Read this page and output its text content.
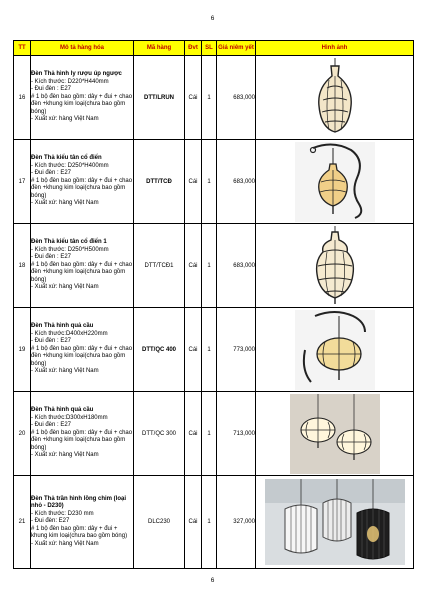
6
TT	Mô tả hàng hóa	Mã hàng	Đvt	SL	Giá niêm yết	Hình ảnh
16	Đèn Thả hình ly rượu úp ngược
- Kích thước: D220*H440mm
- Đui đèn : E27
# 1 bộ đèn bao gồm: dây + đui + chao đèn +khung kim loại(chưa bao gồm bóng)
- Xuất xứ: hàng Việt Nam	DTT/LRUN	Cái	1	683,000	

17	Đèn Thả kiểu tân cổ điển
- Kích thước: D250*H400mm
- Đui đèn : E27
# 1 bộ đèn bao gồm: dây + đui + chao đèn +khung kim loại(chưa bao gồm bóng)
- Xuất xứ: hàng Việt Nam	DTT/TCĐ	Cái	1	683,000	

18	Đèn Thả kiểu tân cổ điển 1
- Kích thước: D250*H500mm
- Đui đèn : E27
# 1 bộ đèn bao gồm: dây + đui + chao đèn +khung kim loại(chưa bao gồm bóng)
- Xuất xứ: hàng Việt Nam	DTT/TCĐ1	Cái	1	683,000	

19	Đèn Thả hình quả cầu
- Kích thước:D400xH220mm
- Đui đèn : E27
# 1 bộ đèn bao gồm: dây + đui + chao đèn +khung kim loại(chưa bao gồm bóng)
- Xuất xứ: hàng Việt Nam	DTT/QC 400	Cái	1	773,000	

20	Đèn Thả hình quả cầu
- Kích thước:D300xH180mm
- Đui đèn : E27
# 1 bộ đèn bao gồm: dây + đui + chao đèn +khung kim loại(chưa bao gồm bóng)
- Xuất xứ: hàng Việt Nam	DTT/QC 300	Cái	1	713,000	

21	Đèn Thả trần hình lồng chim (loại nhỏ - D230)
- Kích thước: D230 mm
- Đui đèn: E27
# 1 bộ đèn bao gồm: dây + đui + khung kim loại(chưa bao gồm bóng)
- Xuất xứ: hàng Việt Nam	DLC230	Cái	1	327,000	
6
